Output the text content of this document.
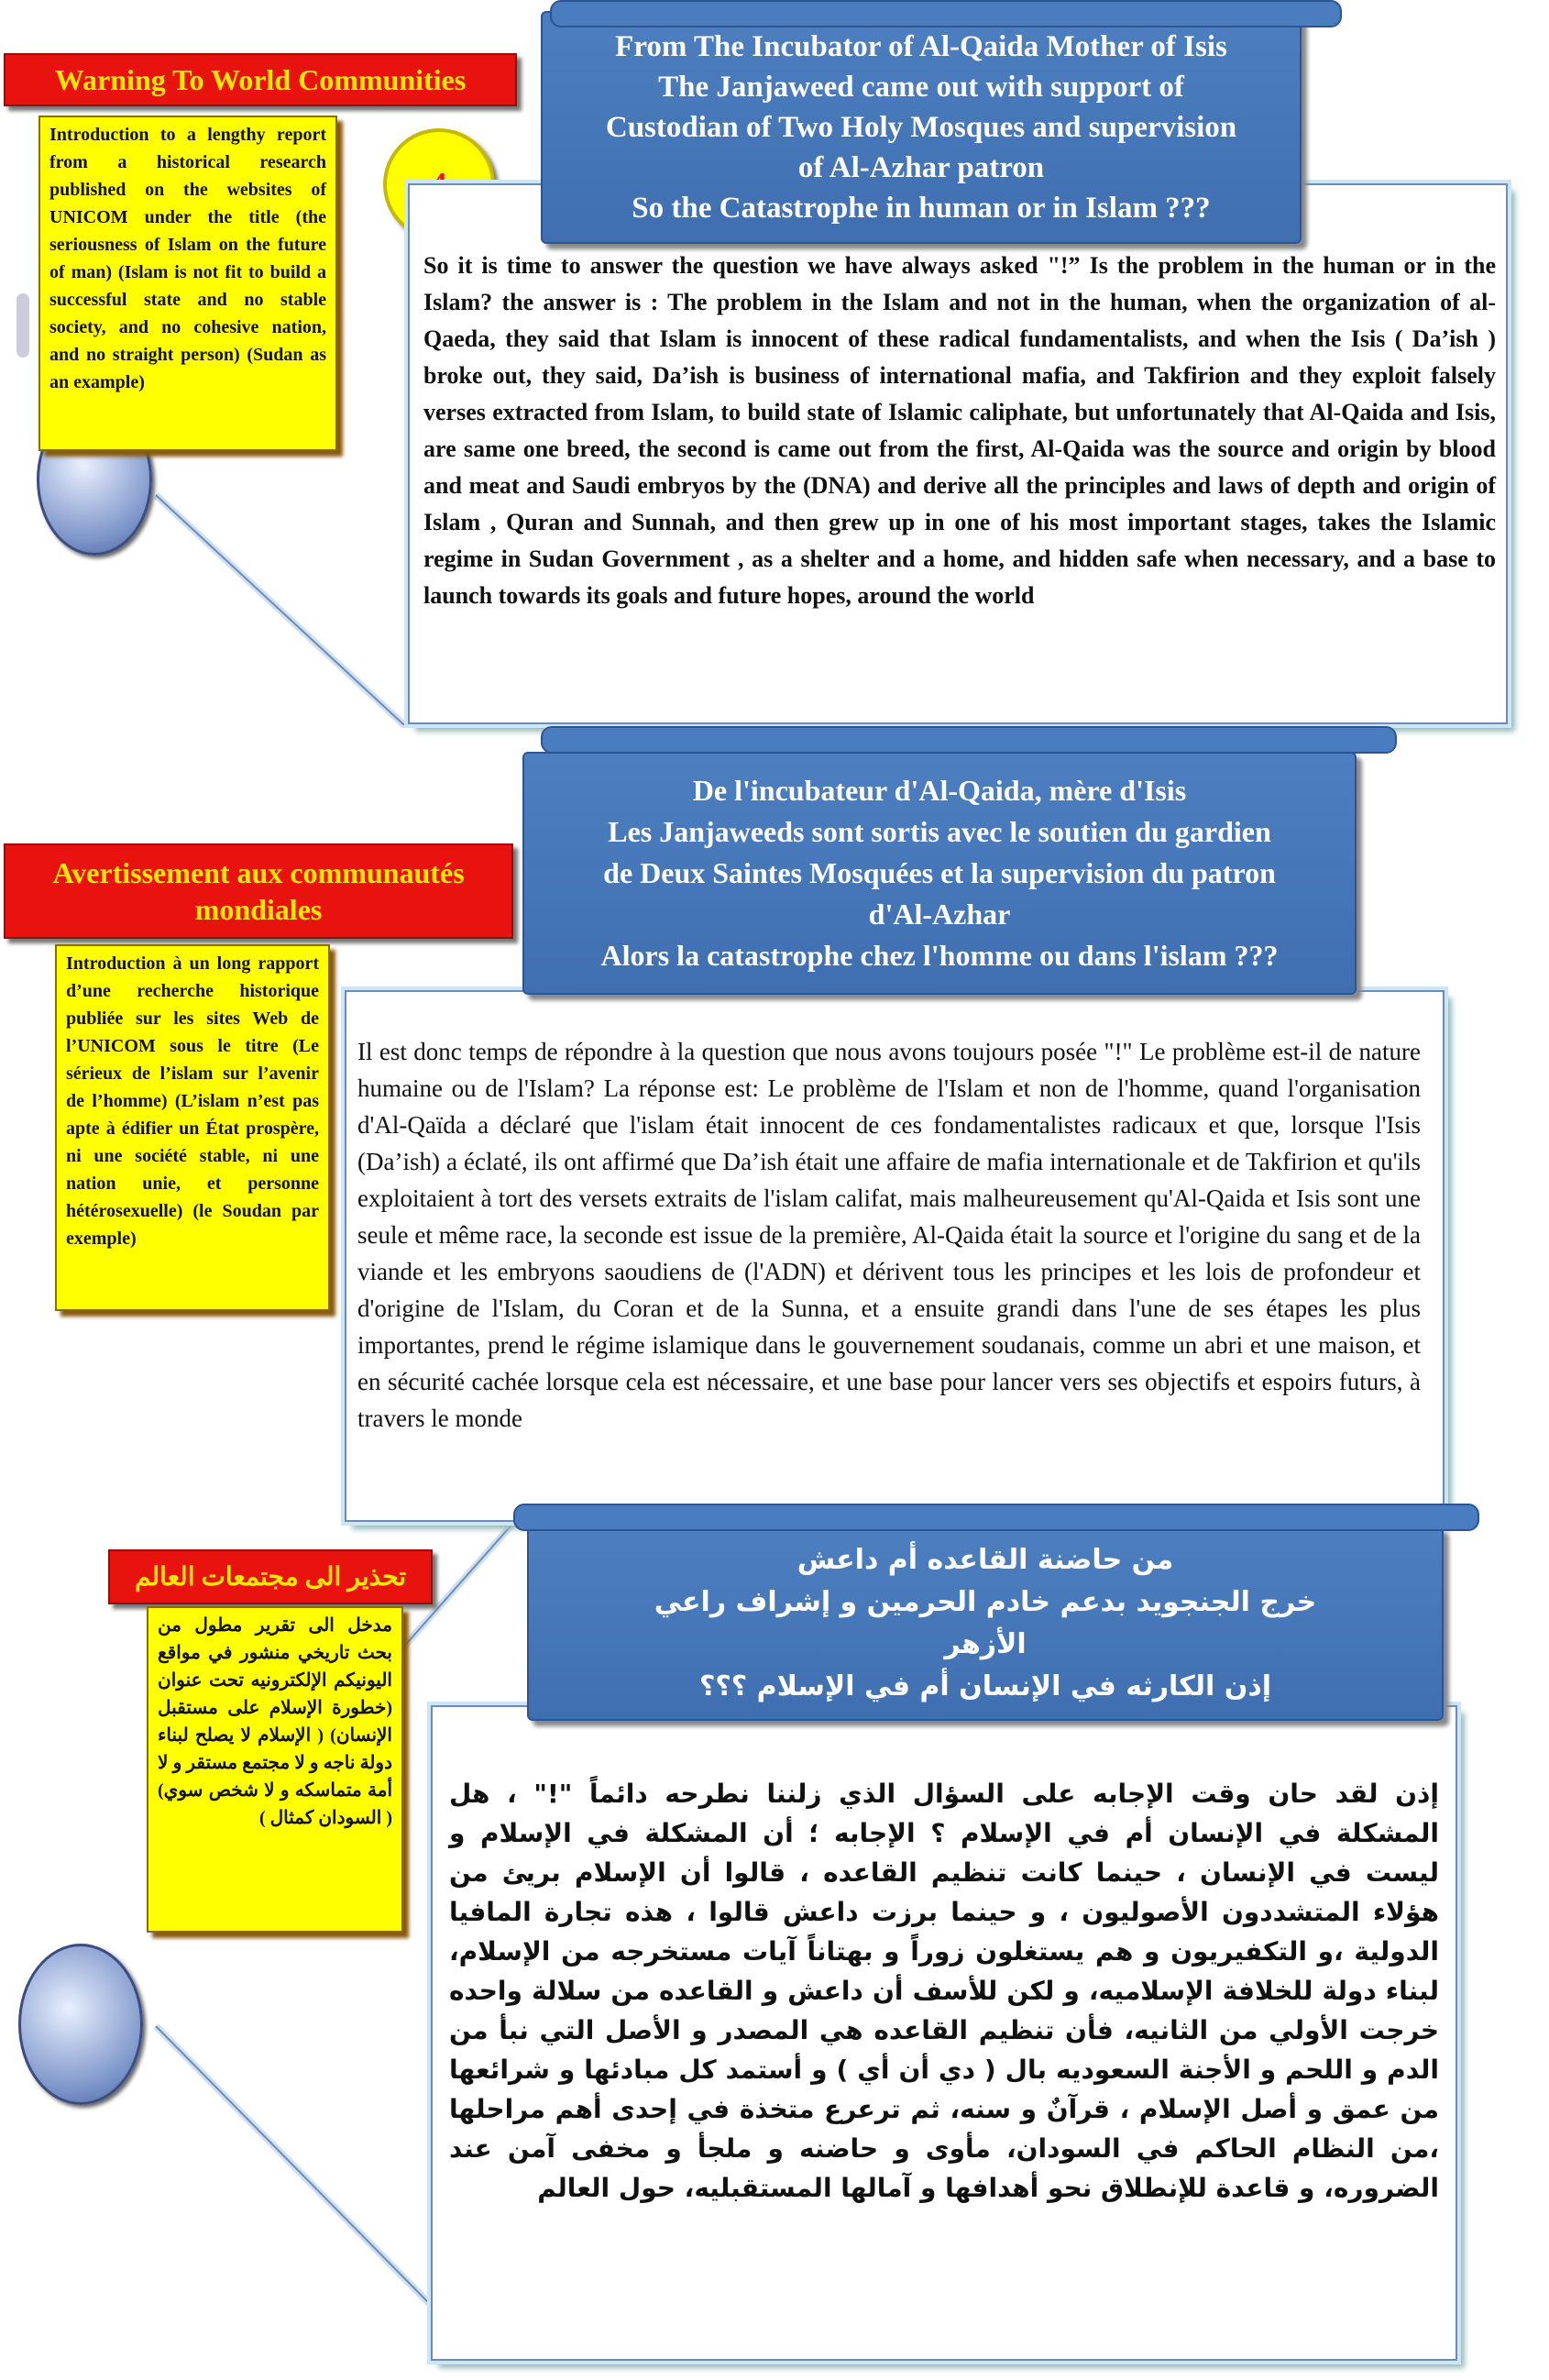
Warning To World Communities
Introduction to a lengthy report from a historical research published on the websites of UNICOM under the title (the seriousness of Islam on the future of man) (Islam is not fit to build a successful state and no stable society, and no cohesive nation, and no straight person) (Sudan as an example)
So it is time to answer the question we have always asked "!” Is the problem in the human or in the Islam? the answer is : The problem in the Islam and not in the human, when the organization of al-Qaeda, they said that Islam is innocent of these radical fundamentalists, and when the Isis ( Da’ish ) broke out, they said, Da’ish is business of international mafia, and Takfirion and they exploit falsely verses extracted from Islam, to build state of Islamic caliphate, but unfortunately that Al-Qaida and Isis, are same one breed, the second is came out from the first, Al-Qaida was the source and origin by blood and meat and Saudi embryos by the (DNA) and derive all the principles and laws of depth and origin of Islam , Quran and Sunnah, and then grew up in one of his most important stages, takes the Islamic regime in Sudan Government , as a shelter and a home, and hidden safe when necessary, and a base to launch towards its goals and future hopes, around the world
From The Incubator of Al-Qaida Mother of Isis
The Janjaweed came out with support of
Custodian of Two Holy Mosques and supervision
of Al-Azhar patron
So the Catastrophe in human or in Islam ???
Avertissement aux communautés mondiales
Introduction à un long rapport d’une recherche historique publiée sur les sites Web de l’UNICOM sous le titre (Le sérieux de l’islam sur l’avenir de l’homme) (L’islam n’est pas apte à édifier un État prospère, ni une société stable, ni une nation unie, et personne hétérosexuelle) (le Soudan par exemple)
Il est donc temps de répondre à la question que nous avons toujours posée "!" Le problème est-il de nature humaine ou de l'Islam? La réponse est: Le problème de l'Islam et non de l'homme, quand l'organisation d'Al-Qaïda a déclaré que l'islam était innocent de ces fondamentalistes radicaux et que, lorsque l'Isis (Da’ish) a éclaté, ils ont affirmé que Da’ish était une affaire de mafia internationale et de Takfirion et qu'ils exploitaient à tort des versets extraits de l'islam califat, mais malheureusement qu'Al-Qaida et Isis sont une seule et même race, la seconde est issue de la première, Al-Qaida était la source et l'origine du sang et de la viande et les embryons saoudiens de (l'ADN) et dérivent tous les principes et les lois de profondeur et d'origine de l'Islam, du Coran et de la Sunna, et a ensuite grandi dans l'une de ses étapes les plus importantes, prend le régime islamique dans le gouvernement soudanais, comme un abri et une maison, et en sécurité cachée lorsque cela est nécessaire, et une base pour lancer vers ses objectifs et espoirs futurs, à travers le monde
De l'incubateur d'Al-Qaida, mère d'Isis
Les Janjaweeds sont sortis avec le soutien du gardien
de Deux Saintes Mosquées et la supervision du patron
d'Al-Azhar
Alors la catastrophe chez l'homme ou dans l'islam ???
تحذير الى مجتمعات العالم
مدخل الى تقرير مطول من بحث تاريخي منشور في مواقع اليونيكم الإلكترونيه تحت عنوان (خطورة الإسلام على مستقبل الإنسان) ( الإسلام لا يصلح لبناء دولة ناجه و لا مجتمع مستقر و لا أمة متماسكه و لا شخص سوي) ( السودان كمثال )
إذن لقد حان وقت الإجابه على السؤال الذي زلننا نطرحه دائماً "!" ، هل المشكلة في الإنسان أم في الإسلام ؟ الإجابه ؛ أن المشكلة في الإسلام و ليست في الإنسان ، حينما كانت تنظيم القاعده ، قالوا أن الإسلام بريئ من هؤلاء المتشددون الأصوليون ، و حينما برزت داعش قالوا ، هذه تجارة المافيا الدولية ،و التكفيريون و هم يستغلون زوراً و بهتاناً آيات مستخرجه من الإسلام، لبناء دولة للخلافة الإسلاميه، و لكن للأسف أن داعش و القاعده من سلالة واحده خرجت الأولي من الثانيه، فأن تنظيم القاعده هي المصدر و الأصل التي نبأ من الدم و اللحم و الأجنة السعوديه بال ( دي أن أي ) و أستمد كل مبادئها و شرائعها من عمق و أصل الإسلام ، قرآنٌ و سنه، ثم ترعرع متخذة في إحدى أهم مراحلها ،من النظام الحاكم في السودان، مأوى و حاضنه و ملجأ و مخفى آمن عند الضروره، و قاعدة للإنطلاق نحو أهدافها و آمالها المستقبليه، حول العالم
من حاضنة القاعده أم داعش
خرج الجنجويد بدعم خادم الحرمين و إشراف راعي
الأزهر
إذن الكارثه في الإنسان أم في الإسلام ؟؟؟
